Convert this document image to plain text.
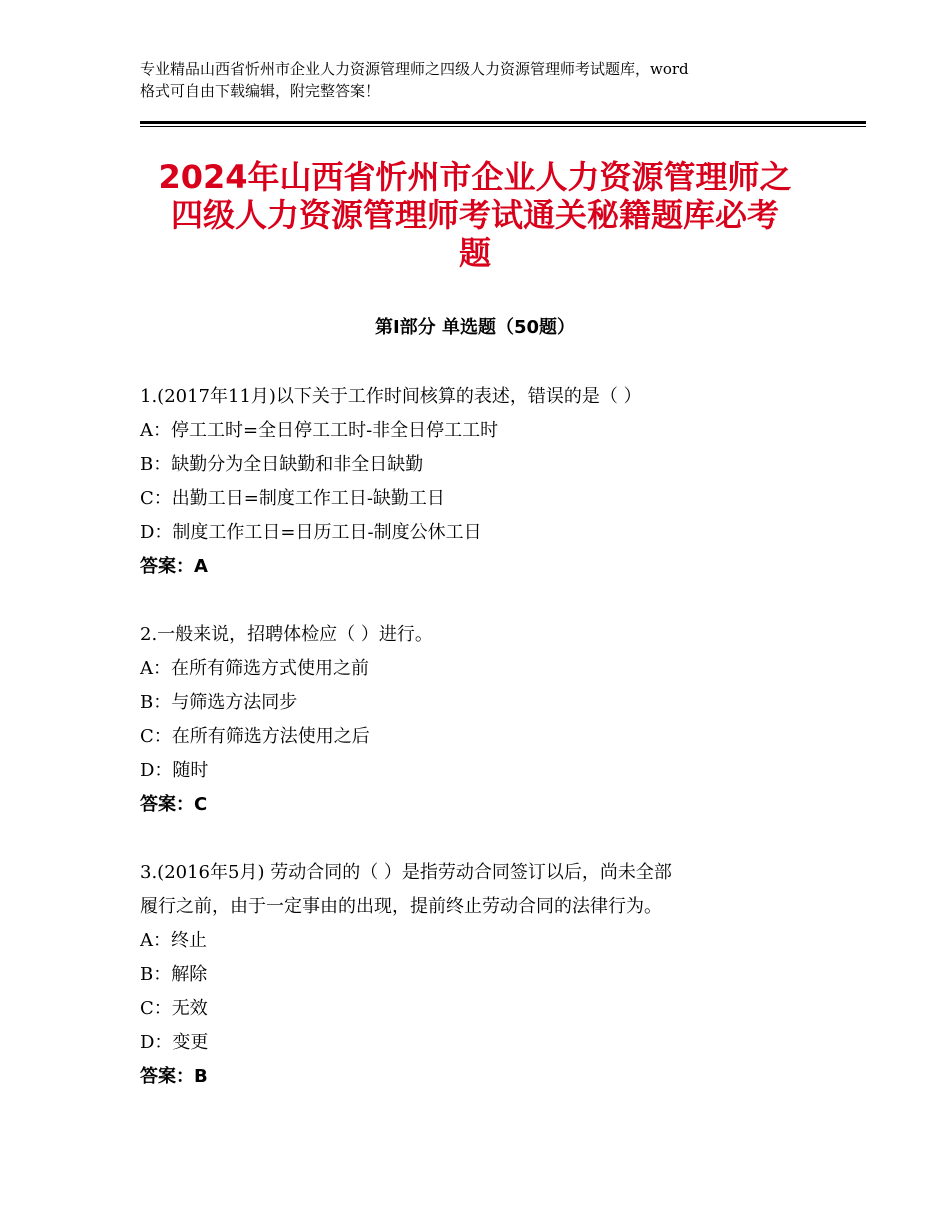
专业精品山西省忻州市企业人力资源管理师之四级人力资源管理师考试题库，word
格式可自由下载编辑，附完整答案！
2024年山西省忻州市企业人力资源管理师之
四级人力资源管理师考试通关秘籍题库必考
题
第Ⅰ部分 单选题（50题）
1.(2017年11月)以下关于工作时间核算的表述，错误的是（ ）
A：停工工时=全日停工工时-非全日停工工时
B：缺勤分为全日缺勤和非全日缺勤
C：出勤工日=制度工作工日-缺勤工日
D：制度工作工日=日历工日-制度公休工日
答案：A
2.一般来说，招聘体检应（ ）进行。
A：在所有筛选方式使用之前
B：与筛选方法同步
C：在所有筛选方法使用之后
D：随时
答案：C
3.(2016年5月) 劳动合同的（ ）是指劳动合同签订以后，尚未全部
履行之前，由于一定事由的出现，提前终止劳动合同的法律行为。
A：终止
B：解除
C：无效
D：变更
答案：B
